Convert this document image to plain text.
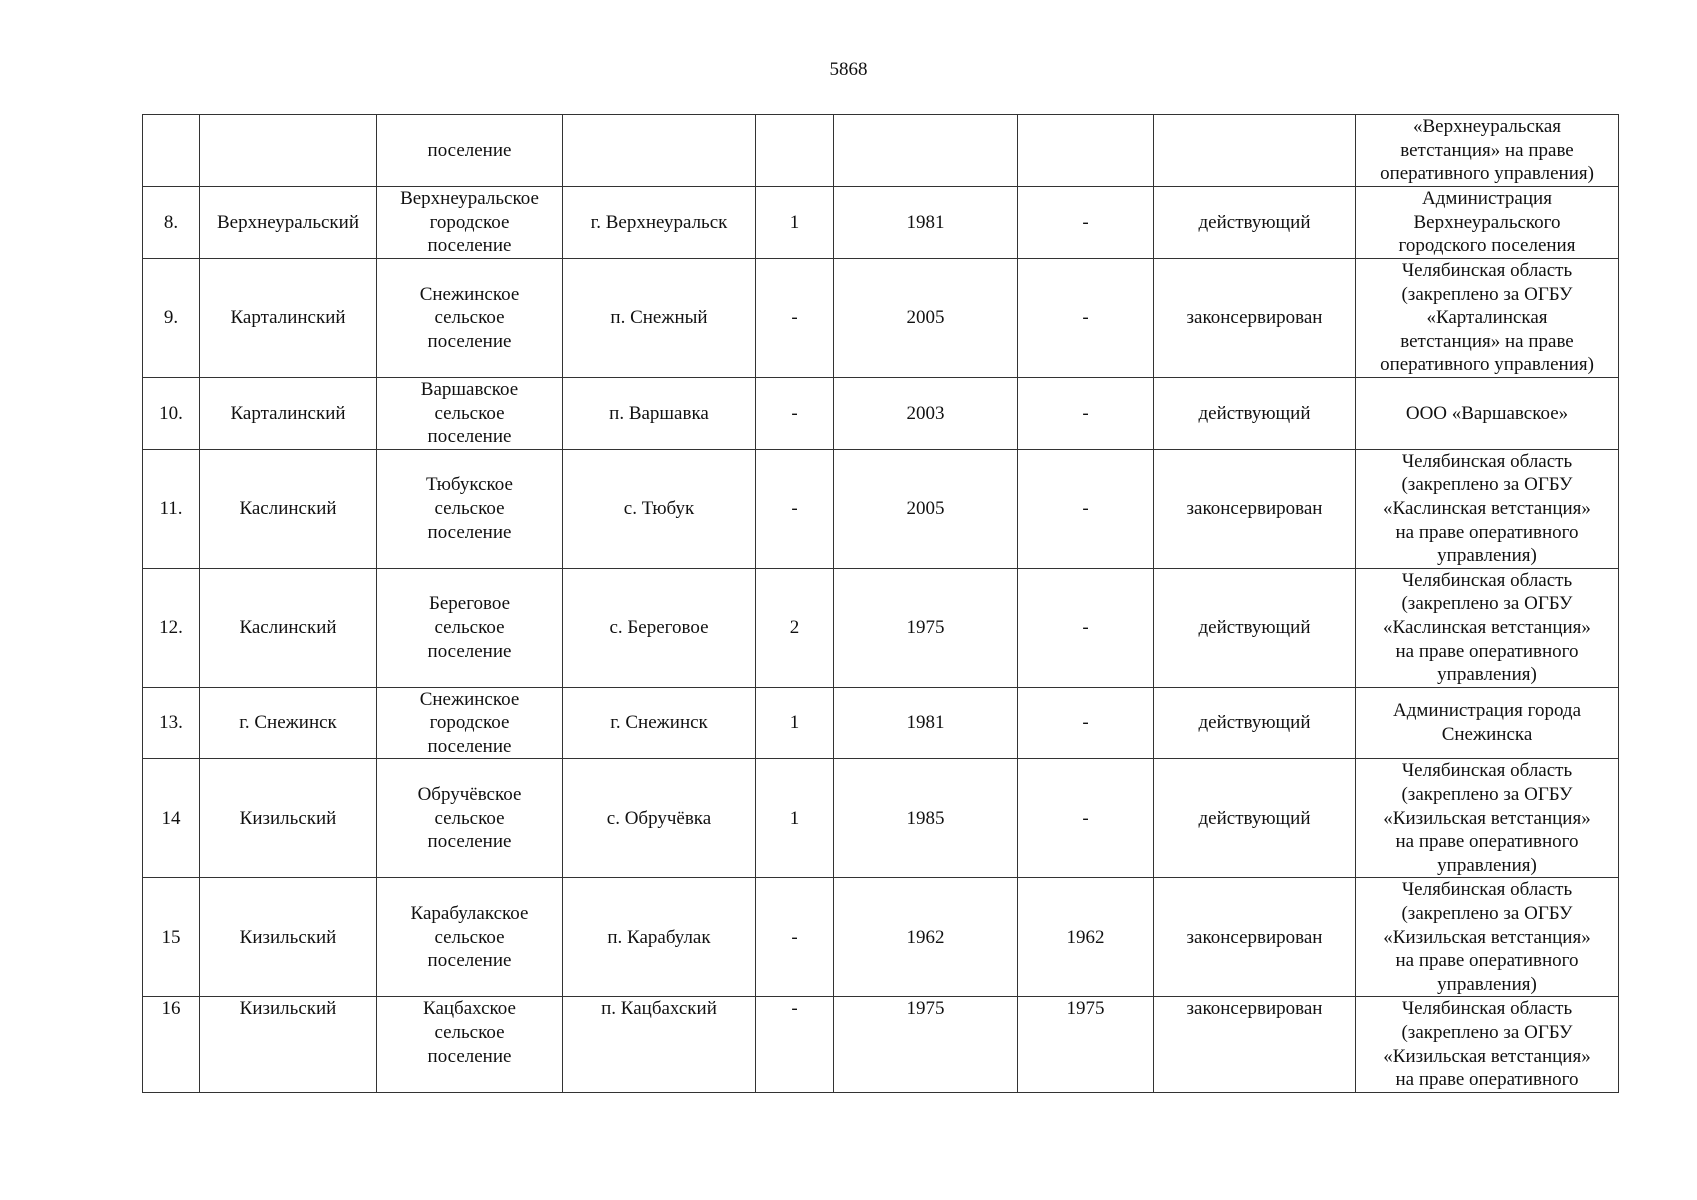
5868
		поселение						«Верхнеуральская
ветстанция» на праве
оперативного управления)
8.	Верхнеуральский	Верхнеуральское
городское
поселение	г. Верхнеуральск	1	1981	-	действующий	Администрация
Верхнеуральского
городского поселения
9.	Карталинский	Снежинское
сельское
поселение	п. Снежный	-	2005	-	законсервирован	Челябинская область
(закреплено за ОГБУ
«Карталинская
ветстанция» на праве
оперативного управления)
10.	Карталинский	Варшавское
сельское
поселение	п. Варшавка	-	2003	-	действующий	ООО «Варшавское»
11.	Каслинский	Тюбукское
сельское
поселение	с. Тюбук	-	2005	-	законсервирован	Челябинская область
(закреплено за ОГБУ
«Каслинская ветстанция»
на праве оперативного
управления)
12.	Каслинский	Береговое
сельское
поселение	с. Береговое	2	1975	-	действующий	Челябинская область
(закреплено за ОГБУ
«Каслинская ветстанция»
на праве оперативного
управления)
13.	г. Снежинск	Снежинское
городское
поселение	г. Снежинск	1	1981	-	действующий	Администрация города
Снежинска
14	Кизильский	Обручёвское
сельское
поселение	с. Обручёвка	1	1985	-	действующий	Челябинская область
(закреплено за ОГБУ
«Кизильская ветстанция»
на праве оперативного
управления)
15	Кизильский	Карабулакское
сельское
поселение	п. Карабулак	-	1962	1962	законсервирован	Челябинская область
(закреплено за ОГБУ
«Кизильская ветстанция»
на праве оперативного
управления)
16	Кизильский	Кацбахское
сельское
поселение	п. Кацбахский	-	1975	1975	законсервирован	Челябинская область
(закреплено за ОГБУ
«Кизильская ветстанция»
на праве оперативного
